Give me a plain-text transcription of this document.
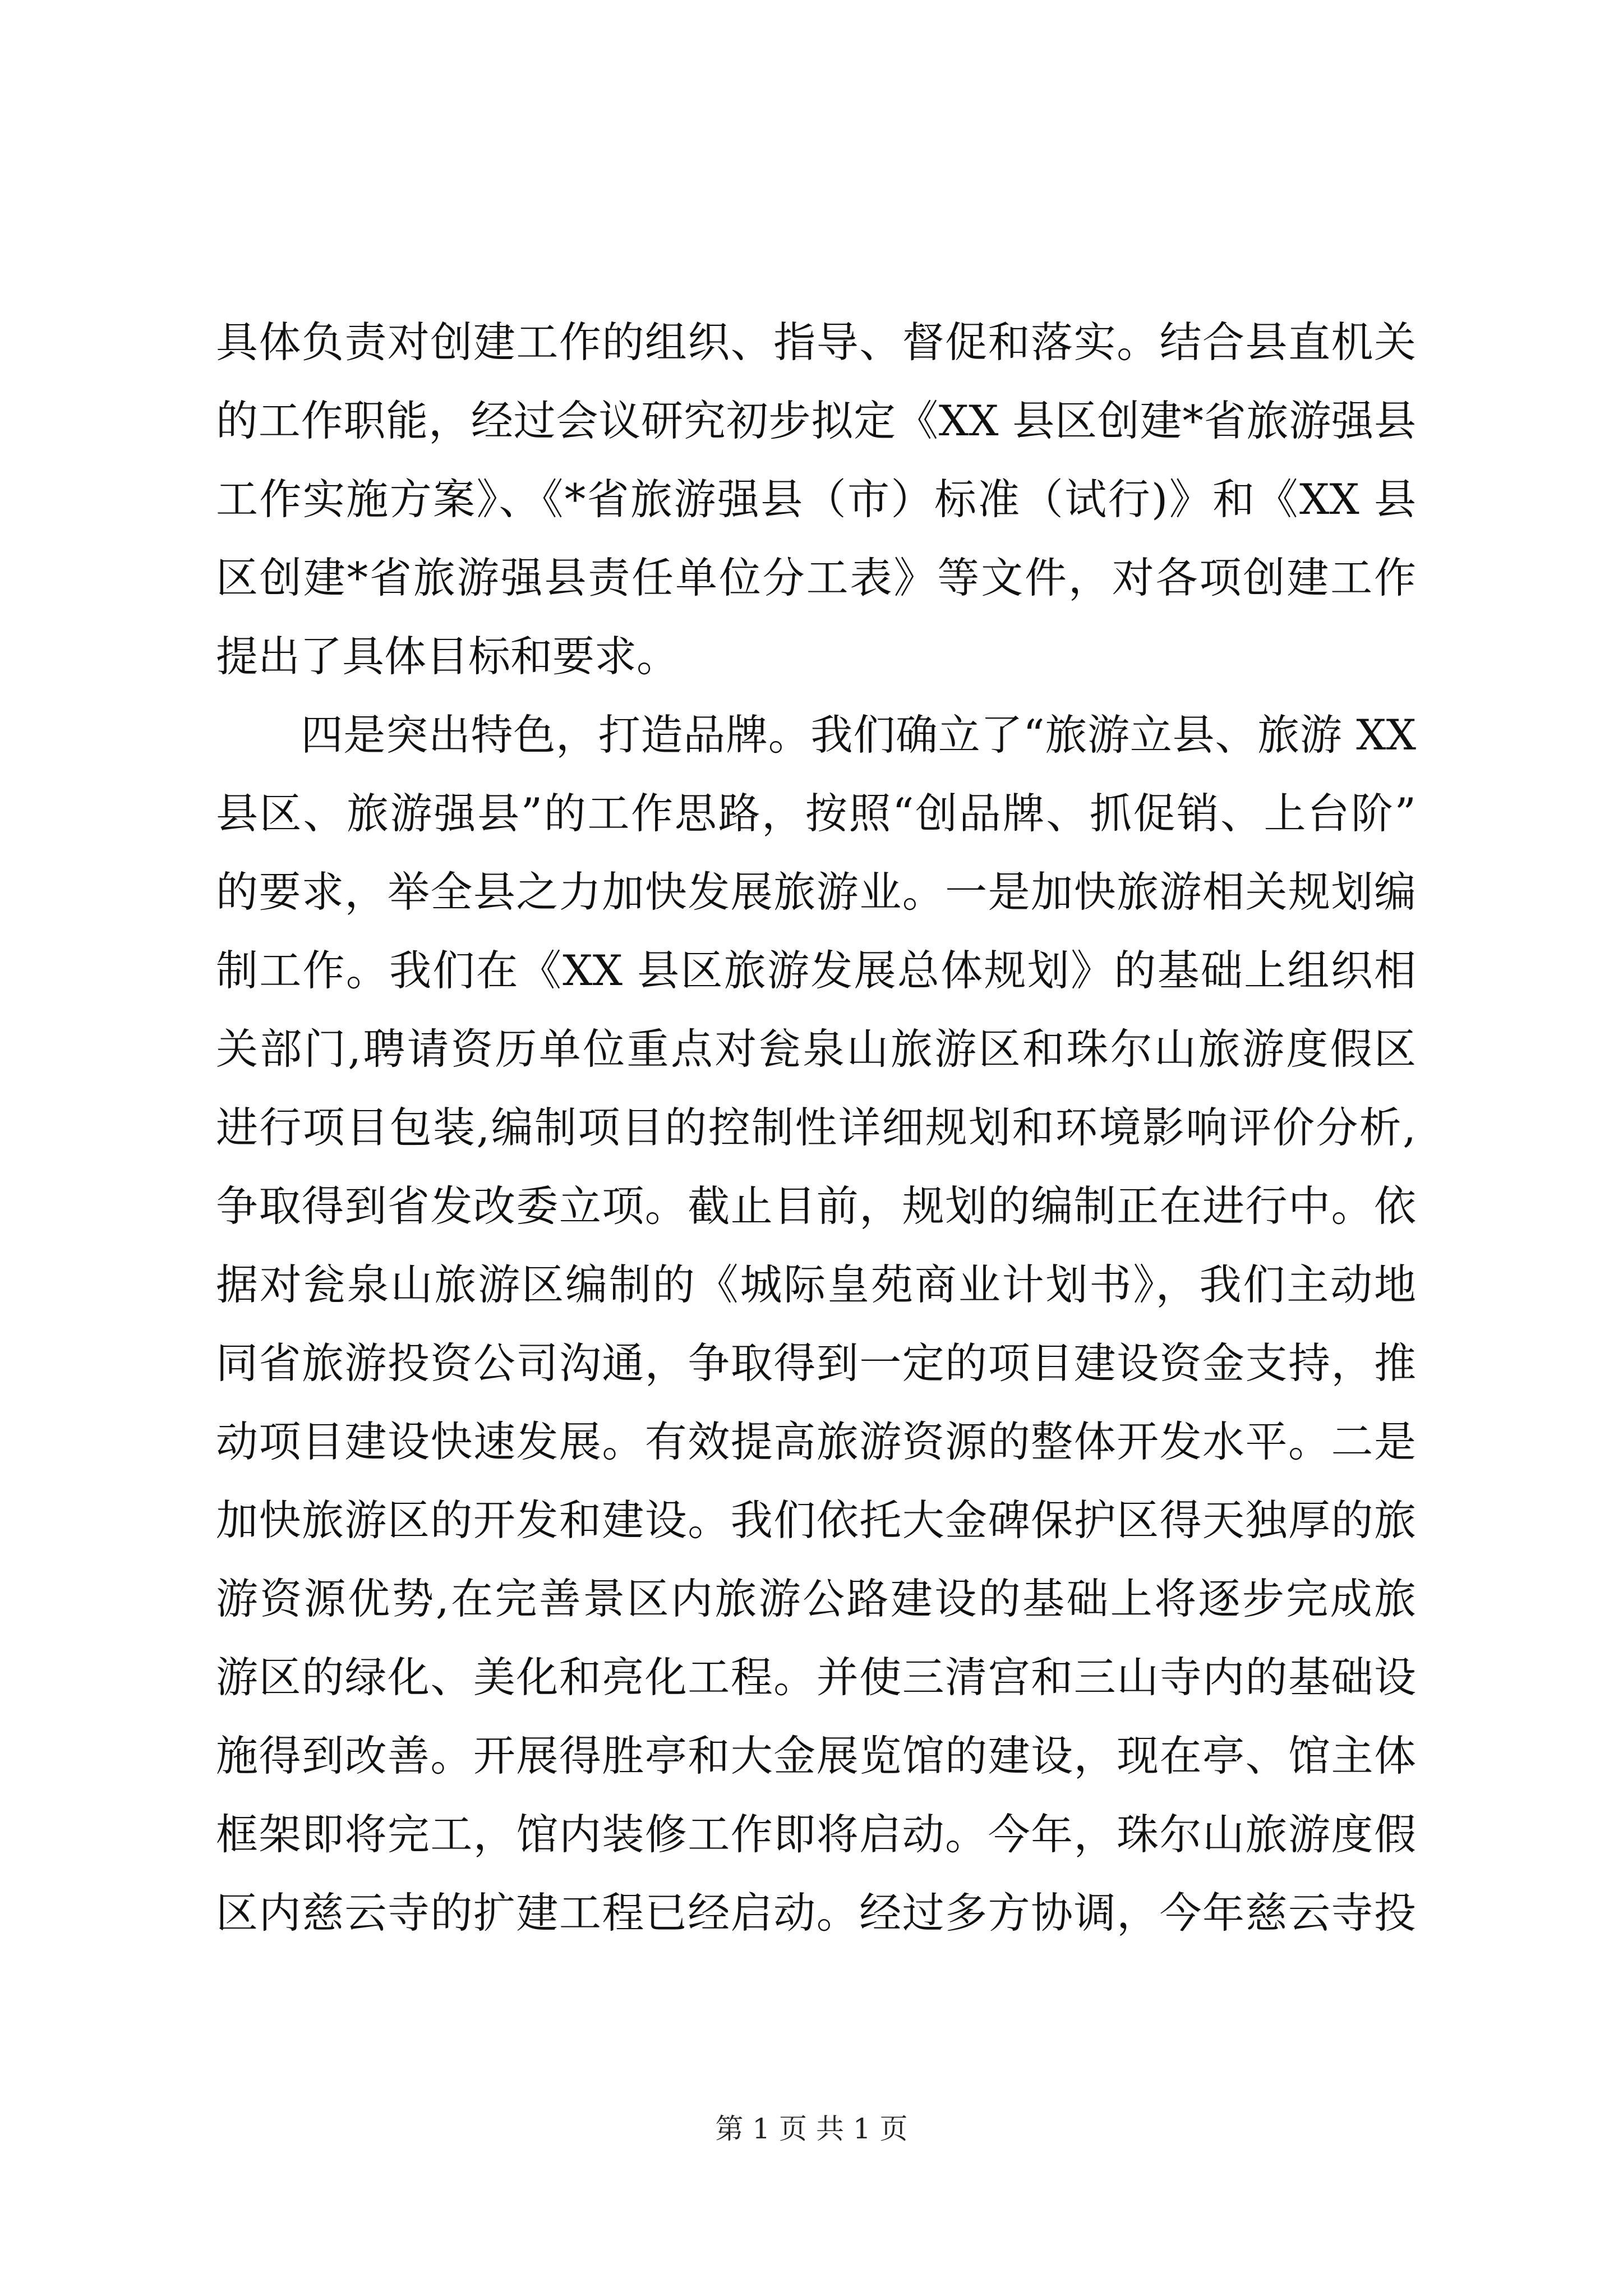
具体负责对创建工作的组织、指导、督促和落实。结合县直机关
的工作职能，经过会议研究初步拟定《XX 县区创建*省旅游强县
工作实施方案》、《*省旅游强县（市）标准（试行)》和《XX 县
区创建*省旅游强县责任单位分工表》等文件，对各项创建工作
提出了具体目标和要求。
　　四是突出特色，打造品牌。我们确立了“旅游立县、旅游 XX
县区、旅游强县”的工作思路，按照“创品牌、抓促销、上台阶”
的要求，举全县之力加快发展旅游业。一是加快旅游相关规划编
制工作。我们在《XX 县区旅游发展总体规划》的基础上组织相
关部门,聘请资历单位重点对瓮泉山旅游区和珠尔山旅游度假区
进行项目包装,编制项目的控制性详细规划和环境影响评价分析,
争取得到省发改委立项。截止目前，规划的编制正在进行中。依
据对瓮泉山旅游区编制的《城际皇苑商业计划书》，我们主动地
同省旅游投资公司沟通，争取得到一定的项目建设资金支持，推
动项目建设快速发展。有效提高旅游资源的整体开发水平。二是
加快旅游区的开发和建设。我们依托大金碑保护区得天独厚的旅
游资源优势,在完善景区内旅游公路建设的基础上将逐步完成旅
游区的绿化、美化和亮化工程。并使三清宫和三山寺内的基础设
施得到改善。开展得胜亭和大金展览馆的建设，现在亭、馆主体
框架即将完工，馆内装修工作即将启动。今年，珠尔山旅游度假
区内慈云寺的扩建工程已经启动。经过多方协调，今年慈云寺投
第 1 页 共 1 页
